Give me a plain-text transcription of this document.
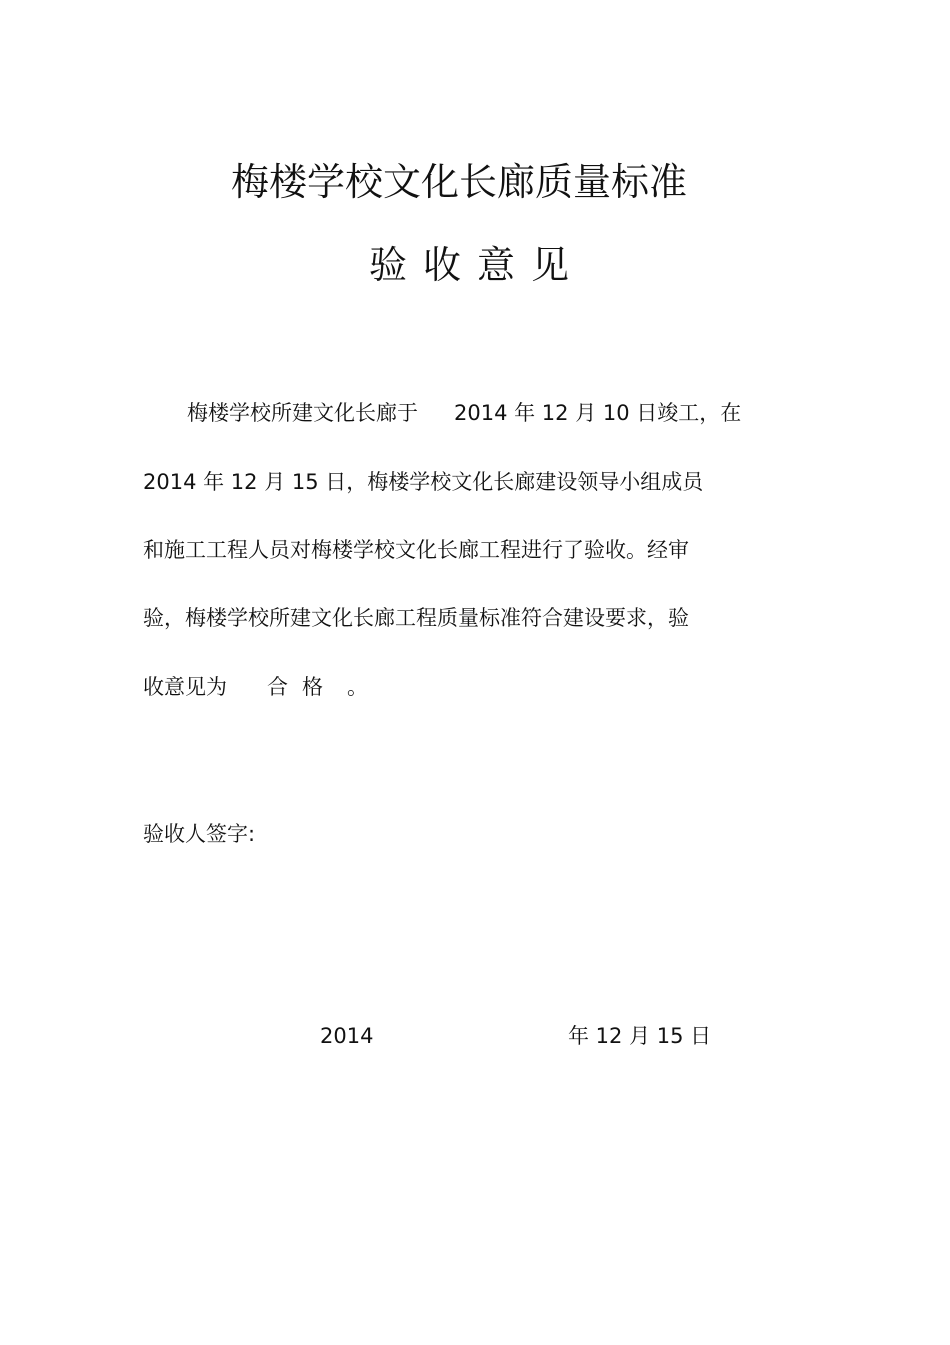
梅楼学校文化长廊质量标准
验 收 意 见
梅楼学校所建文化长廊于 2014 年 12 月 10 日竣工，在
2014 年 12 月 15 日，梅楼学校文化长廊建设领导小组成员
和施工工程人员对梅楼学校文化长廊工程进行了验收。经审
验，梅楼学校所建文化长廊工程质量标准符合建设要求，验
收意见为 合格 。
验收人签字:
2014	年 12 月 15 日
